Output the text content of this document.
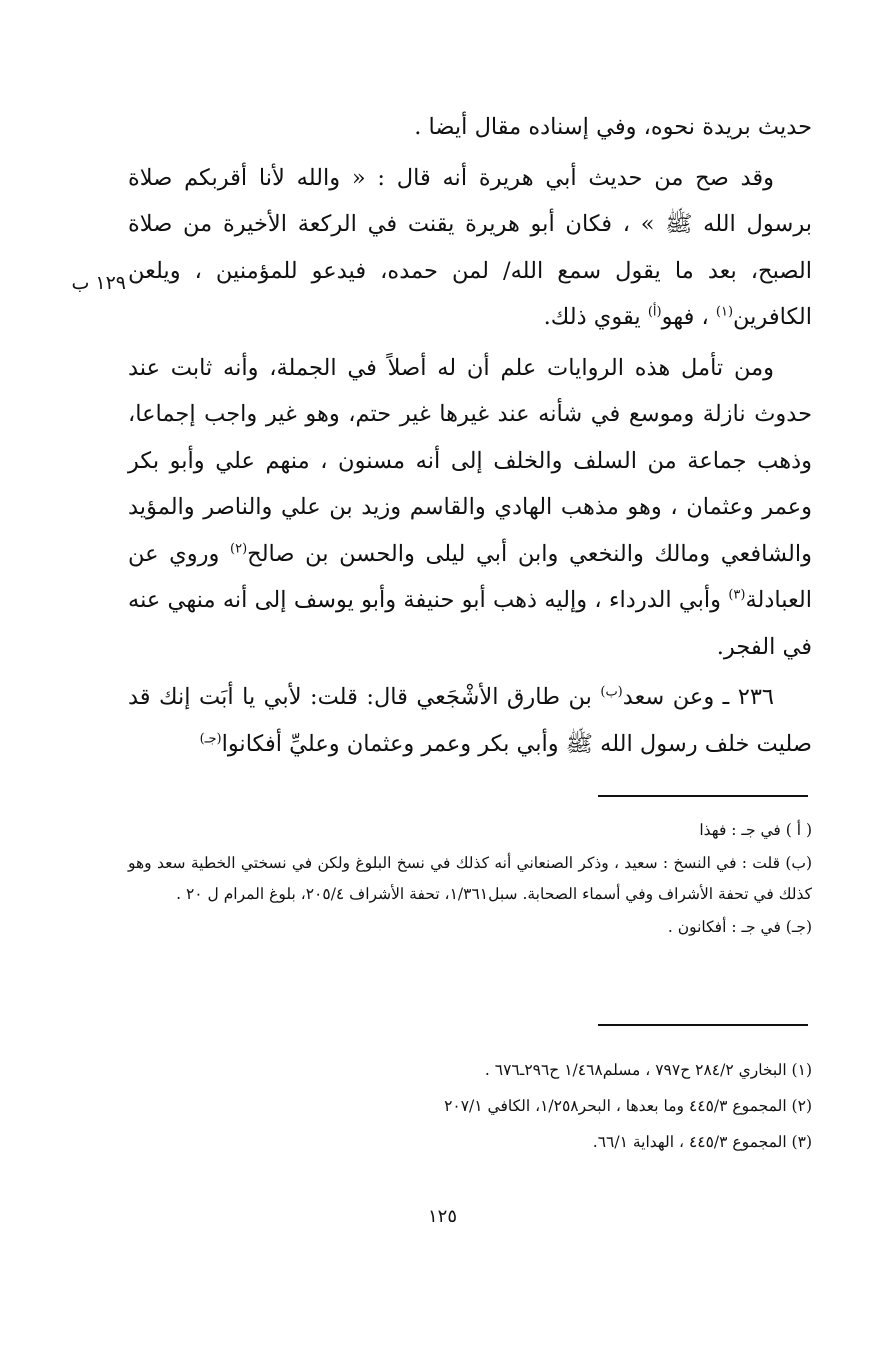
حديث بريدة نحوه، وفي إسناده مقال أيضا .

وقد صح من حديث أبي هريرة أنه قال : « والله لأنا أقربكم صلاة برسول الله ﷺ » ، فكان أبو هريرة يقنت في الركعة الأخيرة من صلاة الصبح، بعد ما يقول سمع الله/ لمن حمده، فيدعو للمؤمنين ، ويلعن الكافرين$^{(١)}$ ، فهو$^{(أ)}$ يقوي ذلك.

ومن تأمل هذه الروايات علم أن له أصلاً في الجملة، وأنه ثابت عند حدوث نازلة وموسع في شأنه عند غيرها غير حتم، وهو غير واجب إجماعا، وذهب جماعة من السلف والخلف إلى أنه مسنون ، منهم علي وأبو بكر وعمر وعثمان ، وهو مذهب الهادي والقاسم وزيد بن علي والناصر والمؤيد والشافعي ومالك والنخعي وابن أبي ليلى والحسن بن صالح$^{(٢)}$ وروي عن العبادلة$^{(٣)}$ وأبي الدرداء ، وإليه ذهب أبو حنيفة وأبو يوسف إلى أنه منهي عنه في الفجر.

٢٣٦ ـ وعن سعد$^{(ب)}$ بن طارق الأشْجَعي قال: قلت: لأبي يا أبَت إنك قد صليت خلف رسول الله ﷺ وأبي بكر وعمر وعثمان وعليِّ أفكانوا$^{(جـ)}$

١٢٩ ب

( أ ) في جـ : فهذا

(ب) قلت : في النسخ : سعيد ، وذكر الصنعاني أنه كذلك في نسخ البلوغ ولكن في نسختي الخطية سعد وهو كذلك في تحفة الأشراف وفي أسماء الصحابة. سبل١/٣٦١، تحفة الأشراف ٢٠٥/٤، بلوغ المرام ل ٢٠ .

(جـ) في جـ : أفكانون .

(١) البخاري ٢٨٤/٢ ح٧٩٧ ، مسلم١/٤٦٨ ح٢٩٦ـ٦٧٦ .

(٢) المجموع ٤٤٥/٣ وما بعدها ، البحر١/٢٥٨، الكافي ٢٠٧/١

(٣) المجموع ٤٤٥/٣ ، الهداية ٦٦/١.

١٢٥
